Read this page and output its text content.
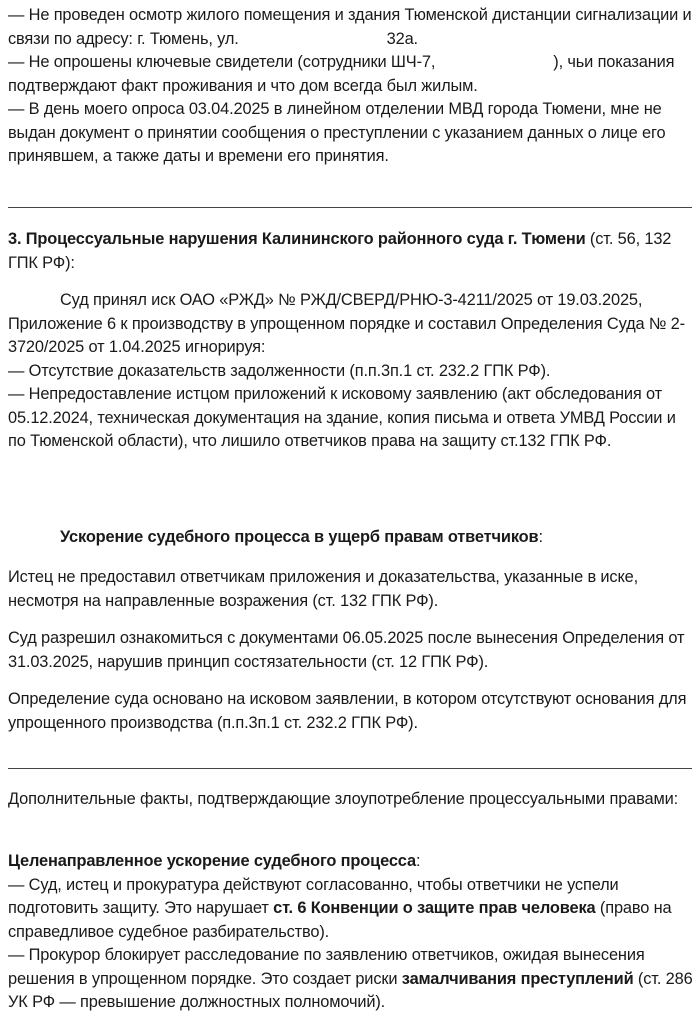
— Не проведен осмотр жилого помещения и здания Тюменской дистанции сигнализации и связи по адресу: г. Тюмень, ул.	32а.

— Не опрошены ключевые свидетели (сотрудники ШЧ-7,	), чьи показания подтверждают факт проживания и что дом всегда был жилым.

— В день моего опроса 03.04.2025 в линейном отделении МВД города Тюмени, мне не выдан документ о принятии сообщения о преступлении с указанием данных о лице его принявшем, а также даты и времени его принятия.

3. Процессуальные нарушения Калининского районного суда г. Тюмени (ст. 56, 132 ГПК РФ):

Суд принял иск ОАО «РЖД» № РЖД/СВЕРД/РНЮ-3-4211/2025 от 19.03.2025, Приложение 6 к производству в упрощенном порядке и составил Определения Суда № 2-3720/2025 от 1.04.2025 игнорируя:

— Отсутствие доказательств задолженности (п.п.3п.1 ст. 232.2 ГПК РФ).

— Непредоставление истцом приложений к исковому заявлению (акт обследования от 05.12.2024, техническая документация на здание, копия письма и ответа УМВД России и по Тюменской области), что лишило ответчиков права на защиту ст.132 ГПК РФ.

Ускорение судебного процесса в ущерб правам ответчиков:

Истец не предоставил ответчикам приложения и доказательства, указанные в иске, несмотря на направленные возражения (ст. 132 ГПК РФ).

Суд разрешил ознакомиться с документами 06.05.2025 после вынесения Определения от 31.03.2025, нарушив принцип состязательности (ст. 12 ГПК РФ).

Определение суда основано на исковом заявлении, в котором отсутствуют основания для упрощенного производства (п.п.3п.1 ст. 232.2 ГПК РФ).

Дополнительные факты, подтверждающие злоупотребление процессуальными правами:

Целенаправленное ускорение судебного процесса:

— Суд, истец и прокуратура действуют согласованно, чтобы ответчики не успели подготовить защиту. Это нарушает ст. 6 Конвенции о защите прав человека (право на справедливое судебное разбирательство).

— Прокурор блокирует расследование по заявлению ответчиков, ожидая вынесения решения в упрощенном порядке. Это создает риски замалчивания преступлений (ст. 286 УК РФ — превышение должностных полномочий).
